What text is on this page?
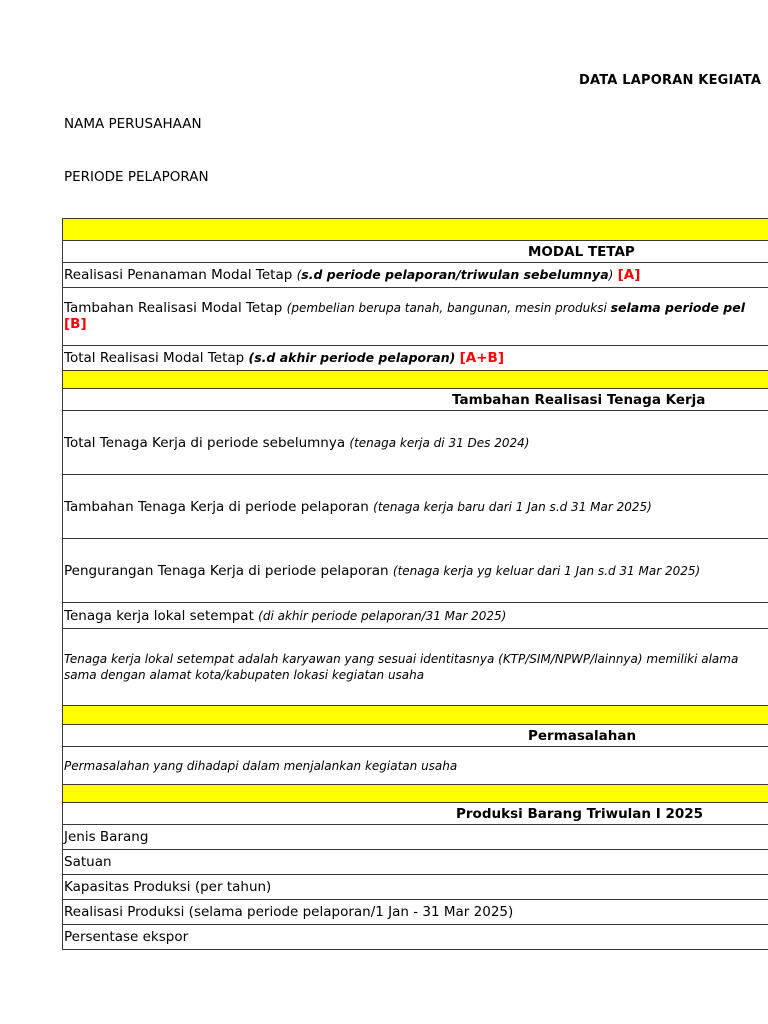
DATA LAPORAN KEGIATA
NAMA PERUSAHAAN
PERIODE PELAPORAN

MODAL TETAP
Realisasi Penanaman Modal Tetap (s.d periode pelaporan/triwulan sebelumnya) [A]
Tambahan Realisasi Modal Tetap (pembelian berupa tanah, bangunan, mesin produksi selama periode pel
[B]
Total Realisasi Modal Tetap (s.d akhir periode pelaporan) [A+B]

Tambahan Realisasi Tenaga Kerja
Total Tenaga Kerja di periode sebelumnya (tenaga kerja di 31 Des 2024)
Tambahan Tenaga Kerja di periode pelaporan (tenaga kerja baru dari 1 Jan s.d 31 Mar 2025)
Pengurangan Tenaga Kerja di periode pelaporan (tenaga kerja yg keluar dari 1 Jan s.d 31 Mar 2025)
Tenaga kerja lokal setempat (di akhir periode pelaporan/31 Mar 2025)
Tenaga kerja lokal setempat adalah karyawan yang sesuai identitasnya (KTP/SIM/NPWP/lainnya) memiliki alama
sama dengan alamat kota/kabupaten lokasi kegiatan usaha

Permasalahan
Permasalahan yang dihadapi dalam menjalankan kegiatan usaha

Produksi Barang Triwulan I 2025
Jenis Barang
Satuan
Kapasitas Produksi (per tahun)
Realisasi Produksi (selama periode pelaporan/1 Jan - 31 Mar 2025)
Persentase ekspor
